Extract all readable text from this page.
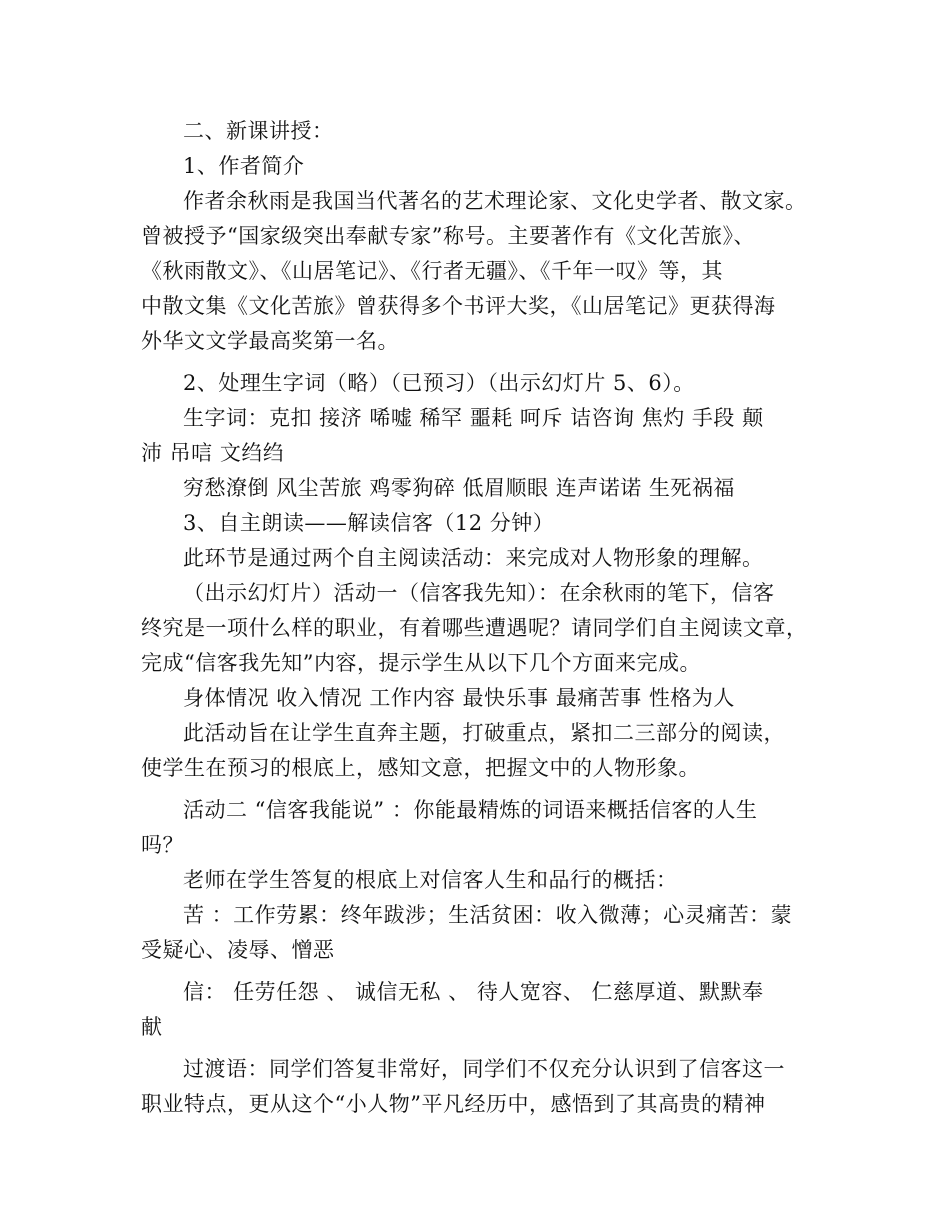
二、新课讲授：
1、作者简介
作者余秋雨是我国当代著名的艺术理论家、文化史学者、散文家。
曾被授予“国家级突出奉献专家”称号。主要著作有《文化苦旅》、
《秋雨散文》、《山居笔记》、《行者无疆》、《千年一叹》等，其
中散文集《文化苦旅》曾获得多个书评大奖，《山居笔记》更获得海
外华文文学最高奖第一名。
2、处理生字词（略）（已预习）（出示幻灯片 5、6）。
生字词：克扣 接济 唏嘘 稀罕 噩耗 呵斥 诘咨询 焦灼 手段 颠
沛 吊唁 文绉绉
穷愁潦倒 风尘苦旅 鸡零狗碎 低眉顺眼 连声诺诺 生死祸福
3、自主朗读——解读信客（12 分钟）
此环节是通过两个自主阅读活动：来完成对人物形象的理解。
（出示幻灯片）活动一（信客我先知）：在余秋雨的笔下，信客
终究是一项什么样的职业，有着哪些遭遇呢？请同学们自主阅读文章，
完成“信客我先知”内容，提示学生从以下几个方面来完成。
身体情况 收入情况 工作内容 最快乐事 最痛苦事 性格为人
此活动旨在让学生直奔主题，打破重点，紧扣二三部分的阅读，
使学生在预习的根底上，感知文意，把握文中的人物形象。
活动二 “信客我能说” ：你能最精炼的词语来概括信客的人生
吗？
老师在学生答复的根底上对信客人生和品行的概括：
苦 ：工作劳累：终年跋涉；生活贫困：收入微薄；心灵痛苦：蒙
受疑心、凌辱、憎恶
信： 任劳任怨 、 诚信无私 、 待人宽容、 仁慈厚道、默默奉
献
过渡语：同学们答复非常好，同学们不仅充分认识到了信客这一
职业特点，更从这个“小人物”平凡经历中，感悟到了其高贵的精神
